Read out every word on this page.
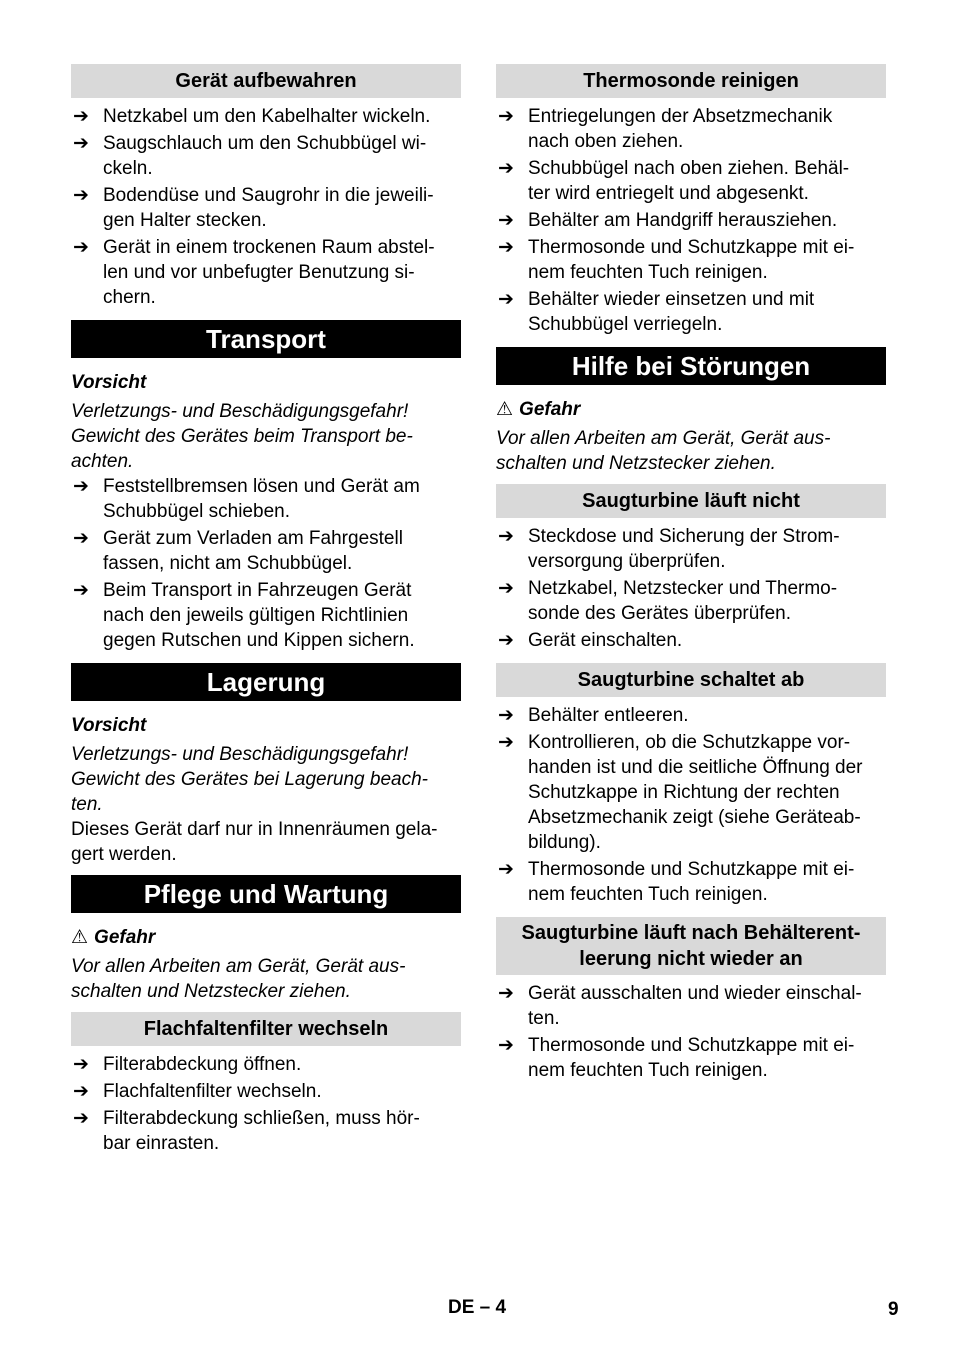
Gerät aufbewahren
➔ Netzkabel um den Kabelhalter wickeln.
➔ Saugschlauch um den Schubbügel wi-
ckeln.
➔ Bodendüse und Saugrohr in die jeweili-
gen Halter stecken.
➔ Gerät in einem trockenen Raum abstel-
len und vor unbefugter Benutzung si-
chern.
Transport
Vorsicht
Verletzungs- und Beschädigungsgefahr!
Gewicht des Gerätes beim Transport be-
achten.
➔ Feststellbremsen lösen und Gerät am
Schubbügel schieben.
➔ Gerät zum Verladen am Fahrgestell
fassen, nicht am Schubbügel.
➔ Beim Transport in Fahrzeugen Gerät
nach den jeweils gültigen Richtlinien
gegen Rutschen und Kippen sichern.
Lagerung
Vorsicht
Verletzungs- und Beschädigungsgefahr!
Gewicht des Gerätes bei Lagerung beach-
ten.
Dieses Gerät darf nur in Innenräumen gela-
gert werden.
Pflege und Wartung
⚠ Gefahr
Vor allen Arbeiten am Gerät, Gerät aus-
schalten und Netzstecker ziehen.
Flachfaltenfilter wechseln
➔ Filterabdeckung öffnen.
➔ Flachfaltenfilter wechseln.
➔ Filterabdeckung schließen, muss hör-
bar einrasten.
Thermosonde reinigen
➔ Entriegelungen der Absetzmechanik
nach oben ziehen.
➔ Schubbügel nach oben ziehen. Behäl-
ter wird entriegelt und abgesenkt.
➔ Behälter am Handgriff herausziehen.
➔ Thermosonde und Schutzkappe mit ei-
nem feuchten Tuch reinigen.
➔ Behälter wieder einsetzen und mit
Schubbügel verriegeln.
Hilfe bei Störungen
⚠ Gefahr
Vor allen Arbeiten am Gerät, Gerät aus-
schalten und Netzstecker ziehen.
Saugturbine läuft nicht
➔ Steckdose und Sicherung der Strom-
versorgung überprüfen.
➔ Netzkabel, Netzstecker und Thermo-
sonde des Gerätes überprüfen.
➔ Gerät einschalten.
Saugturbine schaltet ab
➔ Behälter entleeren.
➔ Kontrollieren, ob die Schutzkappe vor-
handen ist und die seitliche Öffnung der
Schutzkappe in Richtung der rechten
Absetzmechanik zeigt (siehe Geräteab-
bildung).
➔ Thermosonde und Schutzkappe mit ei-
nem feuchten Tuch reinigen.
Saugturbine läuft nach Behälterent-
leerung nicht wieder an
➔ Gerät ausschalten und wieder einschal-
ten.
➔ Thermosonde und Schutzkappe mit ei-
nem feuchten Tuch reinigen.
DE – 4	9
